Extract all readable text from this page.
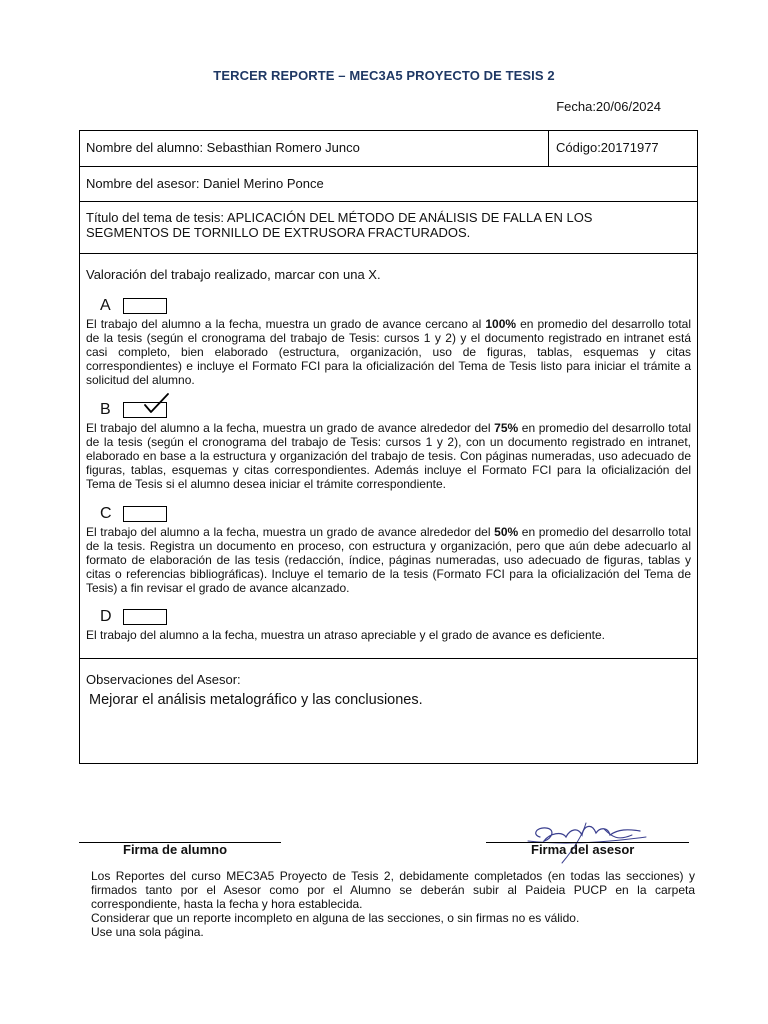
TERCER REPORTE – MEC3A5 PROYECTO DE TESIS 2
Fecha:20/06/2024
Nombre del alumno: Sebasthian Romero Junco	Código:20171977
Nombre del asesor: Daniel Merino Ponce
Título del tema de tesis: APLICACIÓN DEL MÉTODO DE ANÁLISIS DE FALLA EN LOS
SEGMENTOS DE TORNILLO DE EXTRUSORA FRACTURADOS.
Valoración del trabajo realizado, marcar con una X.
A
El trabajo del alumno a la fecha, muestra un grado de avance cercano al 100% en promedio del desarrollo total de la tesis (según el cronograma del trabajo de Tesis: cursos 1 y 2) y el documento registrado en intranet está casi completo, bien elaborado (estructura, organización, uso de figuras, tablas, esquemas y citas correspondientes) e incluye el Formato FCI para la oficialización del Tema de Tesis listo para iniciar el trámite a solicitud del alumno.
B
El trabajo del alumno a la fecha, muestra un grado de avance alrededor del 75% en promedio del desarrollo total de la tesis (según el cronograma del trabajo de Tesis: cursos 1 y 2), con un documento registrado en intranet, elaborado en base a la estructura y organización del trabajo de tesis. Con páginas numeradas, uso adecuado de figuras, tablas, esquemas y citas correspondientes. Además incluye el Formato FCI para la oficialización del Tema de Tesis si el alumno desea iniciar el trámite correspondiente.
C
El trabajo del alumno a la fecha, muestra un grado de avance alrededor del 50% en promedio del desarrollo total de la tesis. Registra un documento en proceso, con estructura y organización, pero que aún debe adecuarlo al formato de elaboración de las tesis (redacción, índice, páginas numeradas, uso adecuado de figuras, tablas y citas o referencias bibliográficas). Incluye el temario de la tesis (Formato FCI para la oficialización del Tema de Tesis) a fin revisar el grado de avance alcanzado.
D
El trabajo del alumno a la fecha, muestra un atraso apreciable y el grado de avance es deficiente.
Observaciones del Asesor:
Mejorar el análisis metalográfico y las conclusiones.
Firma de alumno	Firma del asesor

Los Reportes del curso MEC3A5 Proyecto de Tesis 2, debidamente completados (en todas las secciones) y firmados tanto por el Asesor como por el Alumno se deberán subir al Paideia PUCP en la carpeta correspondiente, hasta la fecha y hora establecida.

Considerar que un reporte incompleto en alguna de las secciones, o sin firmas no es válido.

Use una sola página.
